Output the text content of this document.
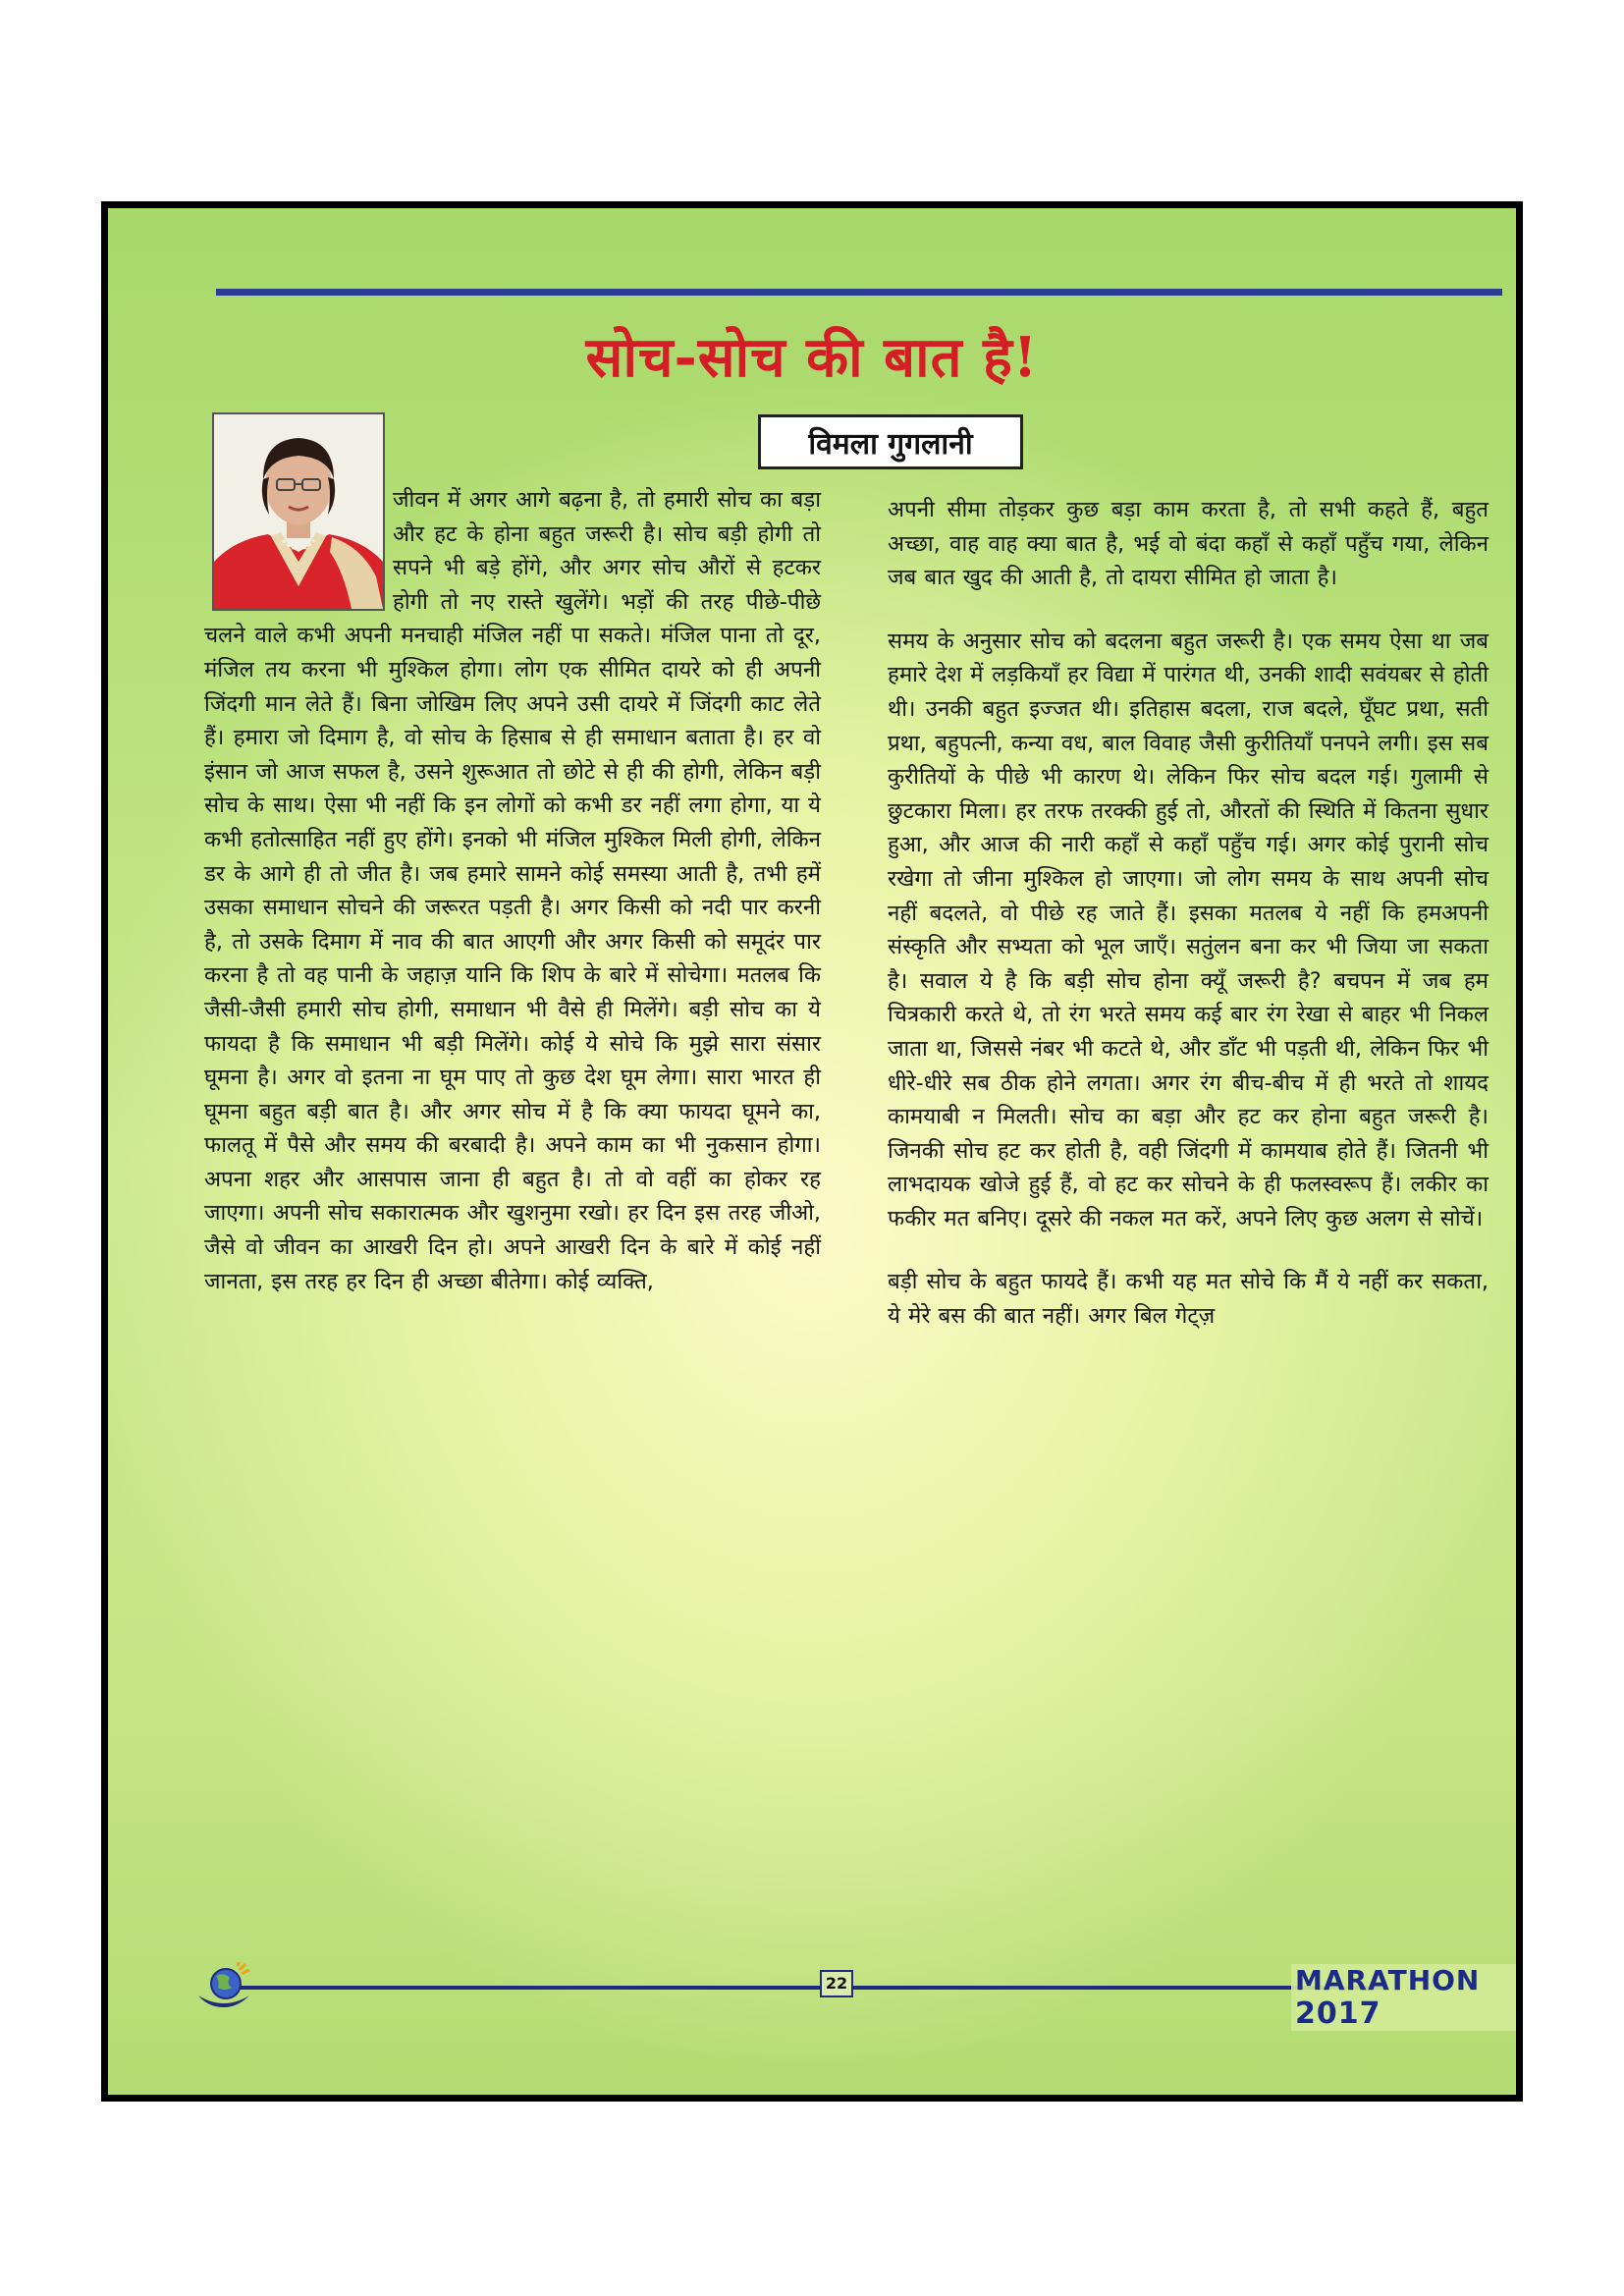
सोच-सोच की बात है!
विमला गुगलानी

जीवन में अगर आगे बढ़ना है, तो हमारी सोच का बड़ा और हट के होना बहुत जरूरी है। सोच बड़ी होगी तो सपने भी बड़े होंगे, और अगर सोच औरों से हटकर होगी तो नए रास्ते खुलेंगे। भड़ों की तरह पीछे-पीछे चलने वाले कभी अपनी मनचाही मंजिल नहीं पा सकते। मंजिल पाना तो दूर, मंजिल तय करना भी मुश्किल होगा। लोग एक सीमित दायरे को ही अपनी जिंदगी मान लेते हैं। बिना जोखिम लिए अपने उसी दायरे में जिंदगी काट लेते हैं। हमारा जो दिमाग है, वो सोच के हिसाब से ही समाधान बताता है। हर वो इंसान जो आज सफल है, उसने शुरूआत तो छोटे से ही की होगी, लेकिन बड़ी सोच के साथ। ऐसा भी नहीं कि इन लोगों को कभी डर नहीं लगा होगा, या ये कभी हतोत्साहित नहीं हुए होंगे। इनको भी मंजिल मुश्किल मिली होगी, लेकिन डर के आगे ही तो जीत है। जब हमारे सामने कोई समस्या आती है, तभी हमें उसका समाधान सोचने की जरूरत पड़ती है। अगर किसी को नदी पार करनी है, तो उसके दिमाग में नाव की बात आएगी और अगर किसी को समूदंर पार करना है तो वह पानी के जहाज़ यानि कि शिप के बारे में सोचेगा। मतलब कि जैसी-जैसी हमारी सोच होगी, समाधान भी वैसे ही मिलेंगे। बड़ी सोच का ये फायदा है कि समाधान भी बड़ी मिलेंगे। कोई ये सोचे कि मुझे सारा संसार घूमना है। अगर वो इतना ना घूम पाए तो कुछ देश घूम लेगा। सारा भारत ही घूमना बहुत बड़ी बात है। और अगर सोच में है कि क्या फायदा घूमने का, फालतू में पैसे और समय की बरबादी है। अपने काम का भी नुकसान होगा। अपना शहर और आसपास जाना ही बहुत है। तो वो वहीं का होकर रह जाएगा। अपनी सोच सकारात्मक और खुशनुमा रखो। हर दिन इस तरह जीओ, जैसे वो जीवन का आखरी दिन हो। अपने आखरी दिन के बारे में कोई नहीं जानता, इस तरह हर दिन ही अच्छा बीतेगा। कोई व्यक्ति,

अपनी सीमा तोड़कर कुछ बड़ा काम करता है, तो सभी कहते हैं, बहुत अच्छा, वाह वाह क्या बात है, भई वो बंदा कहाँ से कहाँ पहुँच गया, लेकिन जब बात खुद की आती है, तो दायरा सीमित हो जाता है।

समय के अनुसार सोच को बदलना बहुत जरूरी है। एक समय ऐसा था जब हमारे देश में लड़कियाँ हर विद्या में पारंगत थी, उनकी शादी सवंयबर से होती थी। उनकी बहुत इज्जत थी। इतिहास बदला, राज बदले, घूँघट प्रथा, सती प्रथा, बहुपत्नी, कन्या वध, बाल विवाह जैसी कुरीतियाँ पनपने लगी। इस सब कुरीतियों के पीछे भी कारण थे। लेकिन फिर सोच बदल गई। गुलामी से छुटकारा मिला। हर तरफ तरक्की हुई तो, औरतों की स्थिति में कितना सुधार हुआ, और आज की नारी कहाँ से कहाँ पहुँच गई। अगर कोई पुरानी सोच रखेगा तो जीना मुश्किल हो जाएगा। जो लोग समय के साथ अपनी सोच नहीं बदलते, वो पीछे रह जाते हैं। इसका मतलब ये नहीं कि हमअपनी संस्कृति और सभ्यता को भूल जाएँ। सतुंलन बना कर भी जिया जा सकता है। सवाल ये है कि बड़ी सोच होना क्यूँ जरूरी है? बचपन में जब हम चित्रकारी करते थे, तो रंग भरते समय कई बार रंग रेखा से बाहर भी निकल जाता था, जिससे नंबर भी कटते थे, और डाँट भी पड़ती थी, लेकिन फिर भी धीरे-धीरे सब ठीक होने लगता। अगर रंग बीच-बीच में ही भरते तो शायद कामयाबी न मिलती। सोच का बड़ा और हट कर होना बहुत जरूरी है। जिनकी सोच हट कर होती है, वही जिंदगी में कामयाब होते हैं। जितनी भी लाभदायक खोजे हुई हैं, वो हट कर सोचने के ही फलस्वरूप हैं। लकीर का फकीर मत बनिए। दूसरे की नकल मत करें, अपने लिए कुछ अलग से सोचें।

बड़ी सोच के बहुत फायदे हैं। कभी यह मत सोचे कि मैं ये नहीं कर सकता, ये मेरे बस की बात नहीं। अगर बिल गेट्ज़

22	MARATHON 2017
